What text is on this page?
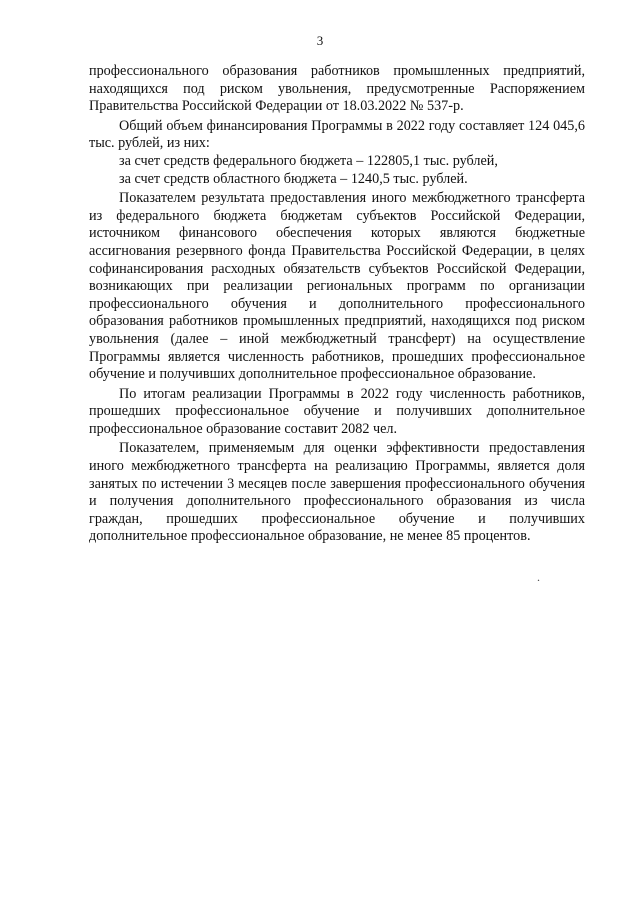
3

профессионального образования работников промышленных предприятий, находящихся под риском увольнения, предусмотренные Распоряжением Правительства Российской Федерации от 18.03.2022 № 537-р.

Общий объем финансирования Программы в 2022 году составляет 124 045,6 тыс. рублей, из них:

за счет средств федерального бюджета – 122805,1 тыс. рублей,

за счет средств областного бюджета – 1240,5 тыс. рублей.

Показателем результата предоставления иного межбюджетного трансферта из федерального бюджета бюджетам субъектов Российской Федерации, источником финансового обеспечения которых являются бюджетные ассигнования резервного фонда Правительства Российской Федерации, в целях софинансирования расходных обязательств субъектов Российской Федерации, возникающих при реализации региональных программ по организации профессионального обучения и дополнительного профессионального образования работников промышленных предприятий, находящихся под риском увольнения (далее – иной межбюджетный трансферт) на осуществление Программы является численность работников, прошедших профессиональное обучение и получивших дополнительное профессиональное образование.

По итогам реализации Программы в 2022 году численность работников, прошедших профессиональное обучение и получивших дополнительное профессиональное образование составит 2082 чел.

Показателем, применяемым для оценки эффективности предоставления иного межбюджетного трансферта на реализацию Программы, является доля занятых по истечении 3 месяцев после завершения профессионального обучения и получения дополнительного профессионального образования из числа граждан, прошедших профессиональное обучение и получивших дополнительное профессиональное образование, не менее 85 процентов.

.
